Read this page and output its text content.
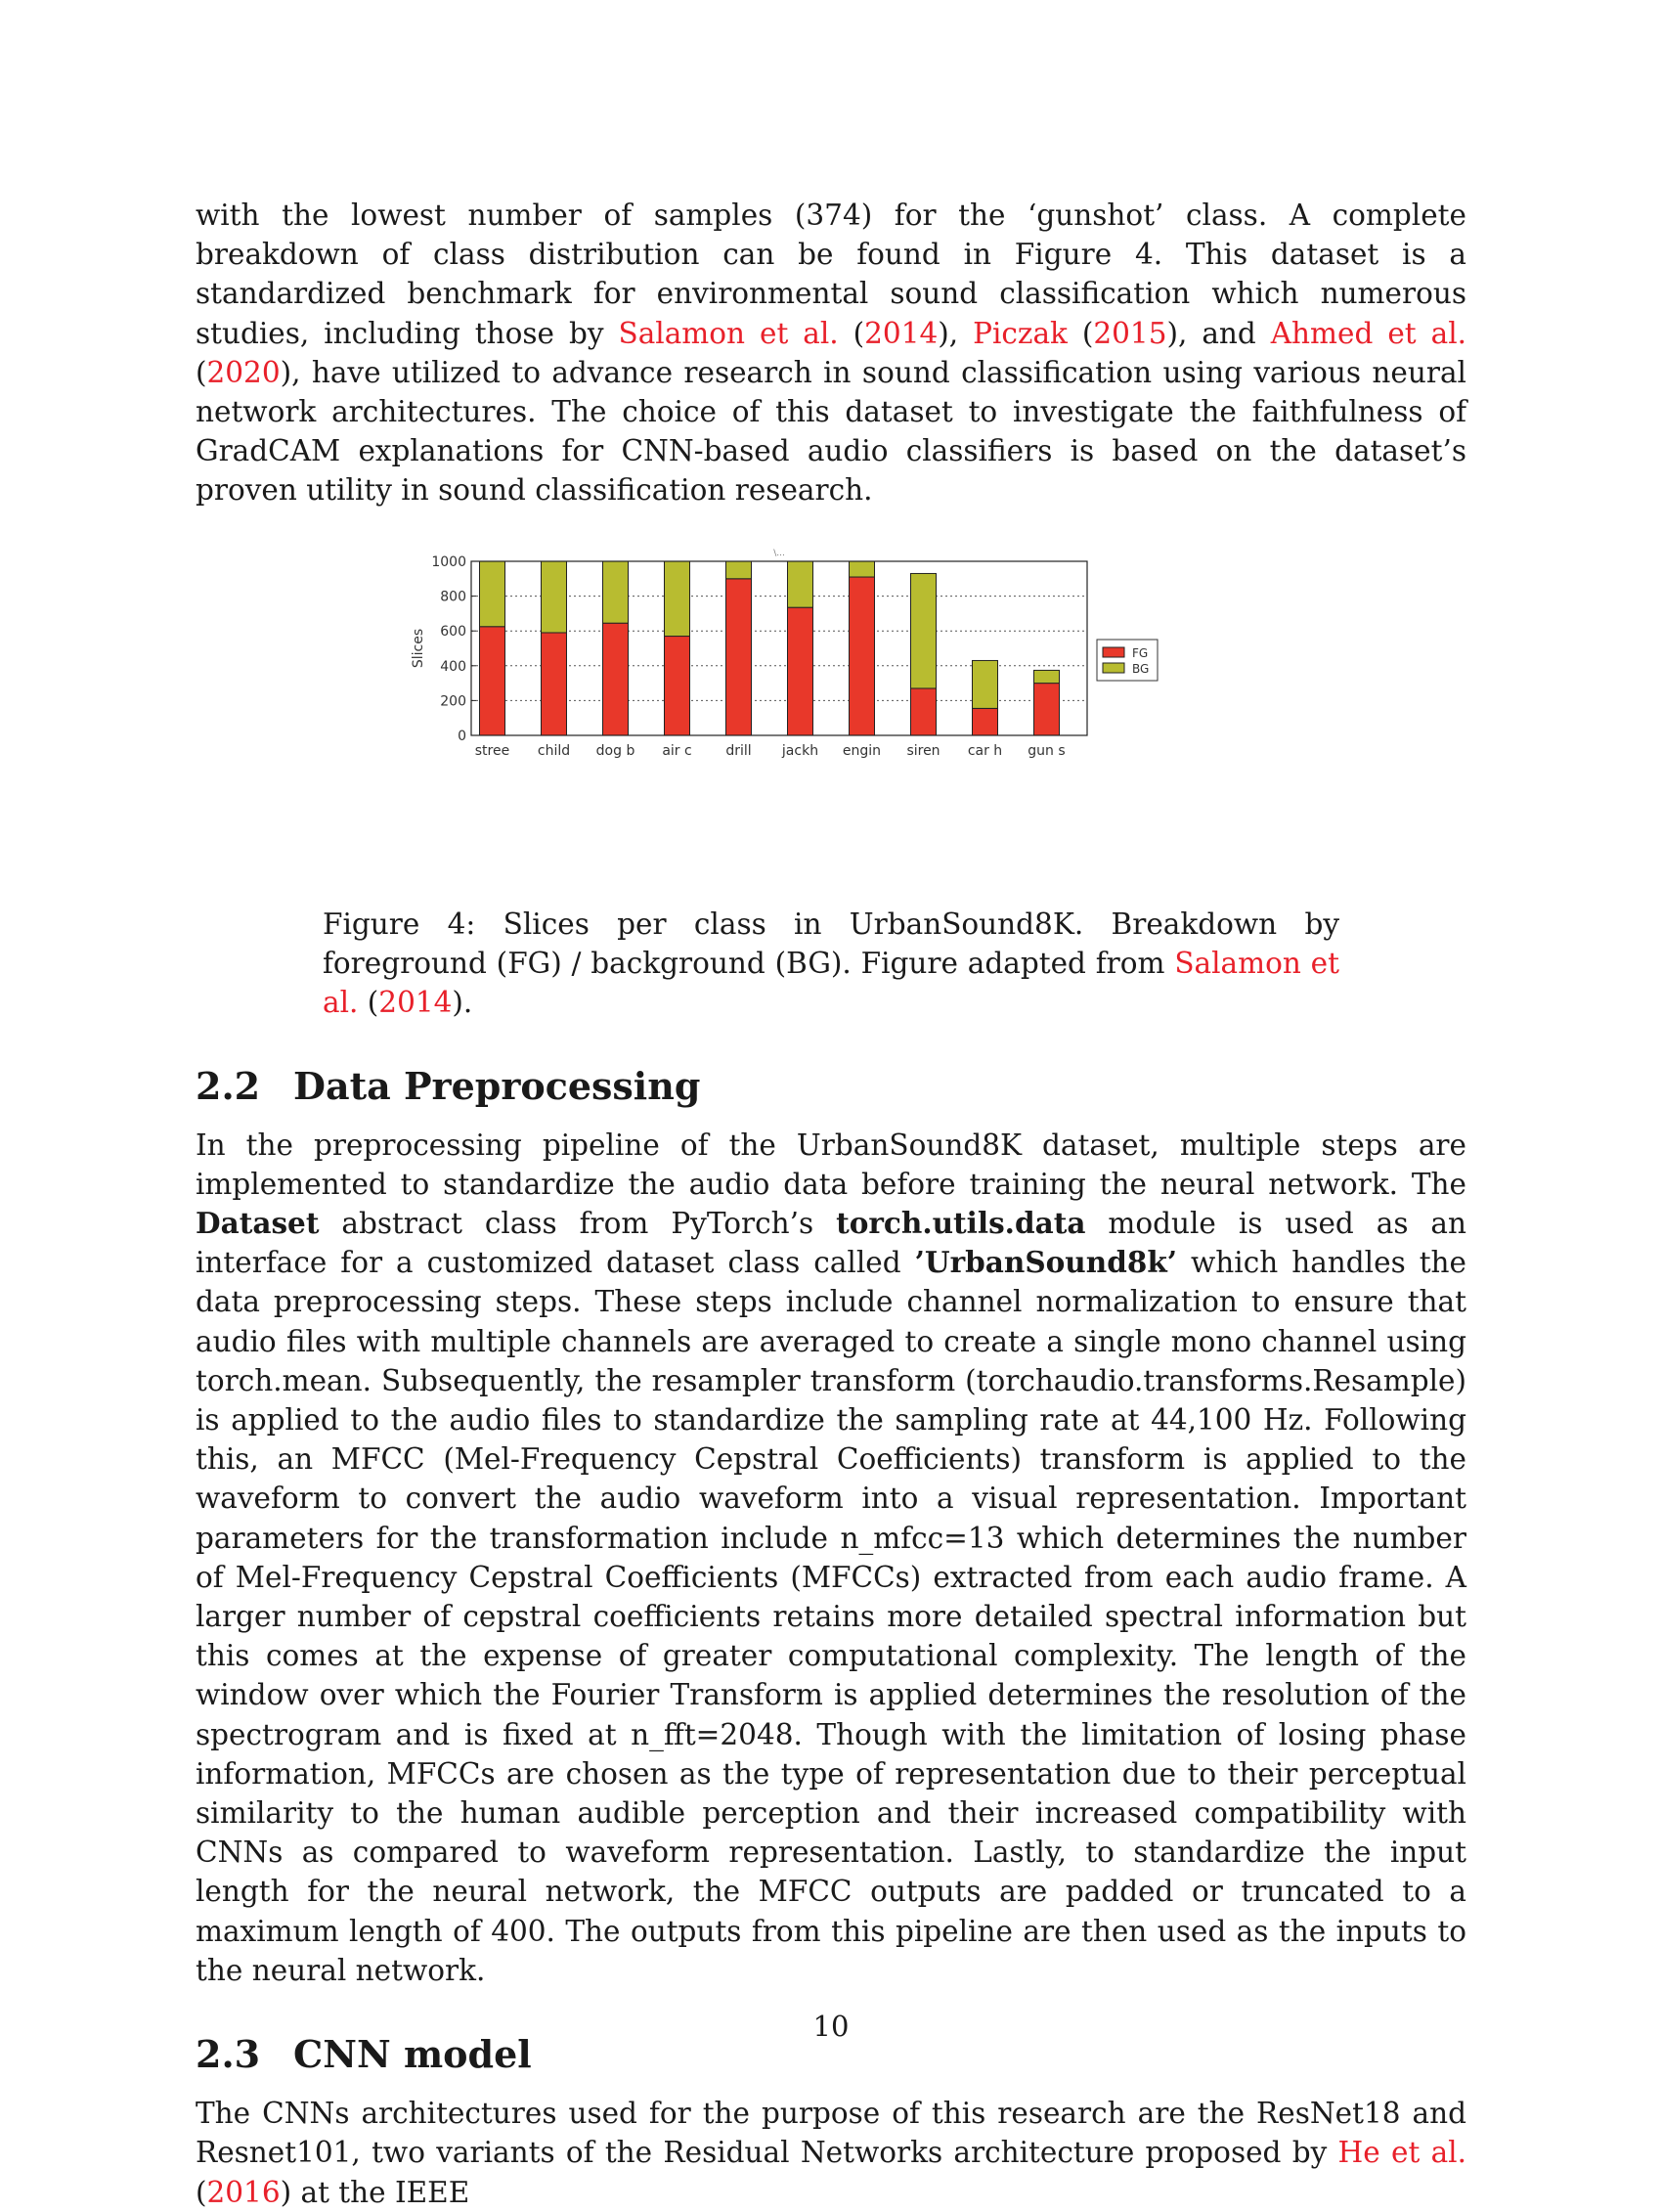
with the lowest number of samples (374) for the ‘gunshot’ class. A complete breakdown of class distribution can be found in Figure 4. This dataset is a standardized benchmark for environmental sound classification which numerous studies, including those by Salamon et al. (2014), Piczak (2015), and Ahmed et al. (2020), have utilized to advance research in sound classification using various neural network architectures. The choice of this dataset to investigate the faithfulness of GradCAM explanations for CNN-based audio classifiers is based on the dataset’s proven utility in sound classification research.

0
200
400
600
800
1000
stree child dog b air c drill jackh engin siren car h gun s
Slices
\...
FG
BG

Figure 4: Slices per class in UrbanSound8K. Breakdown by foreground (FG) / background (BG). Figure adapted from Salamon et al. (2014).

2.2 Data Preprocessing

In the preprocessing pipeline of the UrbanSound8K dataset, multiple steps are implemented to standardize the audio data before training the neural network. The Dataset abstract class from PyTorch’s torch.utils.data module is used as an interface for a customized dataset class called ’UrbanSound8k’ which handles the data preprocessing steps. These steps include channel normalization to ensure that audio files with multiple channels are averaged to create a single mono channel using torch.mean. Subsequently, the resampler transform (torchaudio.transforms.Resample) is applied to the audio files to standardize the sampling rate at 44,100 Hz. Following this, an MFCC (Mel-Frequency Cepstral Coefficients) transform is applied to the waveform to convert the audio waveform into a visual representation. Important parameters for the transformation include n_mfcc=13 which determines the number of Mel-Frequency Cepstral Coefficients (MFCCs) extracted from each audio frame. A larger number of cepstral coefficients retains more detailed spectral information but this comes at the expense of greater computational complexity. The length of the window over which the Fourier Transform is applied determines the resolution of the spectrogram and is fixed at n_fft=2048. Though with the limitation of losing phase information, MFCCs are chosen as the type of representation due to their perceptual similarity to the human audible perception and their increased compatibility with CNNs as compared to waveform representation. Lastly, to standardize the input length for the neural network, the MFCC outputs are padded or truncated to a maximum length of 400. The outputs from this pipeline are then used as the inputs to the neural network.

2.3 CNN model

The CNNs architectures used for the purpose of this research are the ResNet18 and Resnet101, two variants of the Residual Networks architecture proposed by He et al. (2016) at the IEEE

10
